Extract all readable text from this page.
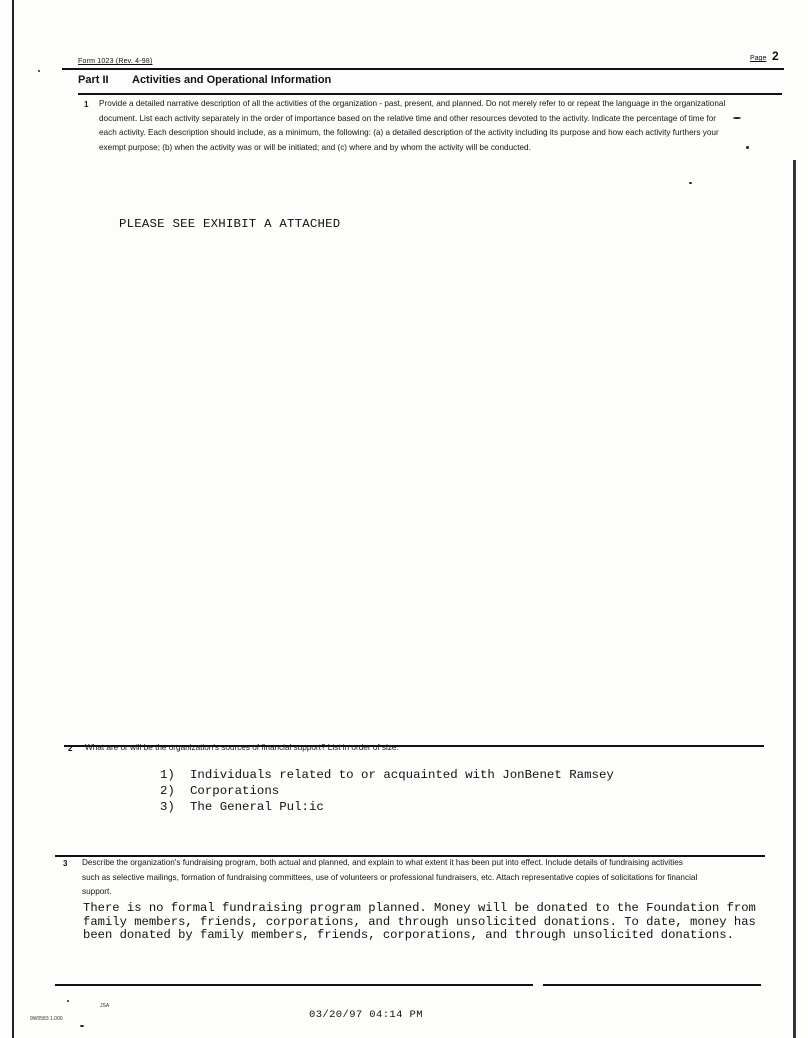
Form 1023 (Rev. 4-98)	Page 2
Part II Activities and Operational Information
1 Provide a detailed narrative description of all the activities of the organization - past, present, and planned. Do not merely refer to or repeat the language in the organizational document. List each activity separately in the order of importance based on the relative time and other resources devoted to the activity. Indicate the percentage of time for each activity. Each description should include, as a minimum, the following: (a) a detailed description of the activity including its purpose and how each activity furthers your exempt purpose; (b) when the activity was or will be initiated; and (c) where and by whom the activity will be conducted.
PLEASE SEE EXHIBIT A ATTACHED
2 What are or will be the organization's sources of financial support? List in order of size.
1) Individuals related to or acquainted with JonBenet Ramsey
2) Corporations
3) The General Pul:ic
3 Describe the organization's fundraising program, both actual and planned, and explain to what extent it has been put into effect. Include details of fundraising activities such as selective mailings, formation of fundraising committees, use of volunteers or professional fundraisers, etc. Attach representative copies of solicitations for financial support.
There is no formal fundraising program planned. Money will be donated to the Foundation from family members, friends, corporations, and through unsolicited donations. To date, money has been donated by family members, friends, corporations, and through unsolicited donations.
JSA
9W0583 1.000	03/20/97 04:14 PM
